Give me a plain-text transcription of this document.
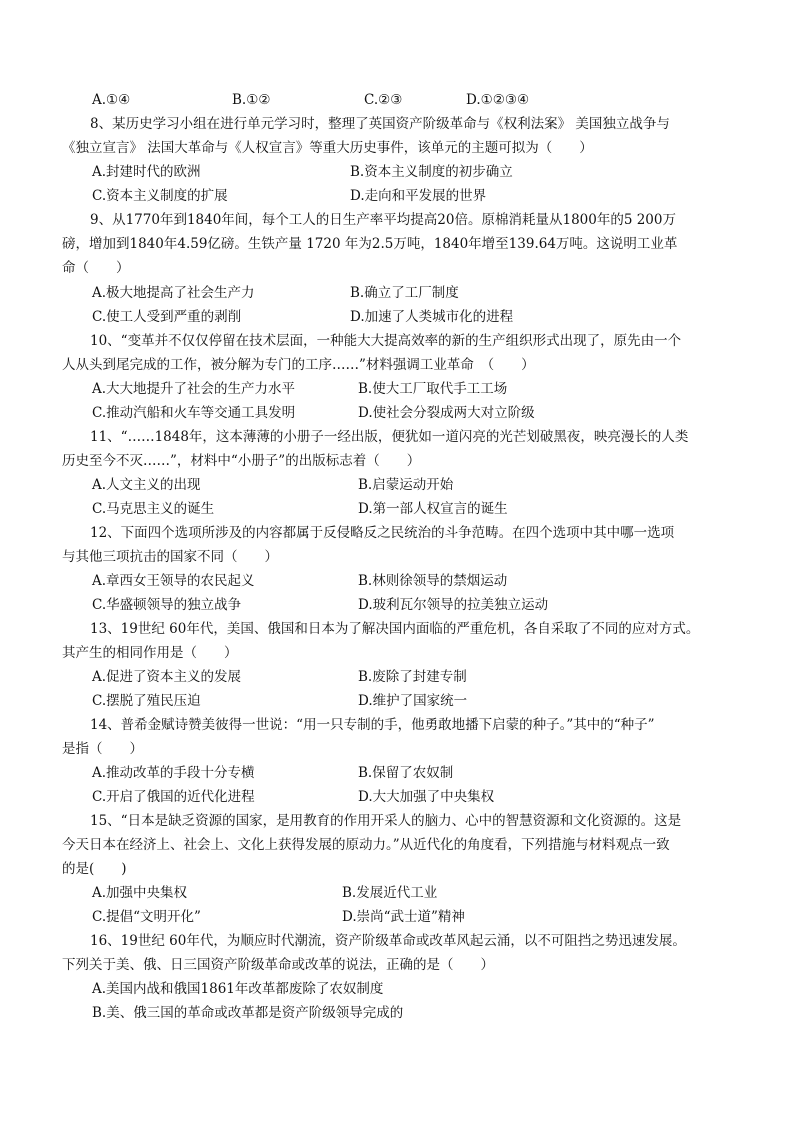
A.①④	B.①②	C.②③	D.①②③④
8、某历史学习小组在进行单元学习时，整理了英国资产阶级革命与《权利法案》 美国独立战争与
《独立宣言》 法国大革命与《人权宣言》等重大历史事件，该单元的主题可拟为（　　）
A.封建时代的欧洲	B.资本主义制度的初步确立
C.资本主义制度的扩展	D.走向和平发展的世界
9、从1770年到1840年间，每个工人的日生产率平均提高20倍。原棉消耗量从1800年的5 200万
磅，增加到1840年4.59亿磅。生铁产量 1720 年为2.5万吨，1840年增至139.64万吨。这说明工业革
命（　　）
A.极大地提高了社会生产力	B.确立了工厂制度
C.使工人受到严重的剥削	D.加速了人类城市化的进程
10、“变革并不仅仅停留在技术层面，一种能大大提高效率的新的生产组织形式出现了，原先由一个
人从头到尾完成的工作，被分解为专门的工序……”材料强调工业革命　（　　）
A.大大地提升了社会的生产力水平	B.使大工厂取代手工工场
C.推动汽船和火车等交通工具发明	D.使社会分裂成两大对立阶级
11、“……1848年，这本薄薄的小册子一经出版，便犹如一道闪亮的光芒划破黑夜，映亮漫长的人类
历史至今不灭……”，材料中“小册子”的出版标志着（　　）
A.人文主义的出现	B.启蒙运动开始
C.马克思主义的诞生	D.第一部人权宣言的诞生
12、下面四个选项所涉及的内容都属于反侵略反之民统治的斗争范畴。在四个选项中其中哪一选项
与其他三项抗击的国家不同（　　）
A.章西女王领导的农民起义	B.林则徐领导的禁烟运动
C.华盛顿领导的独立战争	D.玻利瓦尔领导的拉美独立运动
13、19世纪 60年代，美国、俄国和日本为了解决国内面临的严重危机，各自采取了不同的应对方式。
其产生的相同作用是（　　）
A.促进了资本主义的发展	B.废除了封建专制
C.摆脱了殖民压迫	D.维护了国家统一
14、普希金赋诗赞美彼得一世说：“用一只专制的手，他勇敢地播下启蒙的种子。”其中的“种子”
是指（　　）
A.推动改革的手段十分专横	B.保留了农奴制
C.开启了俄国的近代化进程	D.大大加强了中央集权
15、“日本是缺乏资源的国家，是用教育的作用开采人的脑力、心中的智慧资源和文化资源的。这是
今天日本在经济上、社会上、文化上获得发展的原动力。”从近代化的角度看，下列措施与材料观点一致
的是(　　)
A.加强中央集权	B.发展近代工业
C.提倡“文明开化”	D.崇尚“武士道”精神
16、19世纪 60年代，为顺应时代潮流，资产阶级革命或改革风起云涌，以不可阻挡之势迅速发展。
下列关于美、俄、日三国资产阶级革命或改革的说法，正确的是（　　）
A.美国内战和俄国1861年改革都废除了农奴制度
B.美、俄三国的革命或改革都是资产阶级领导完成的
